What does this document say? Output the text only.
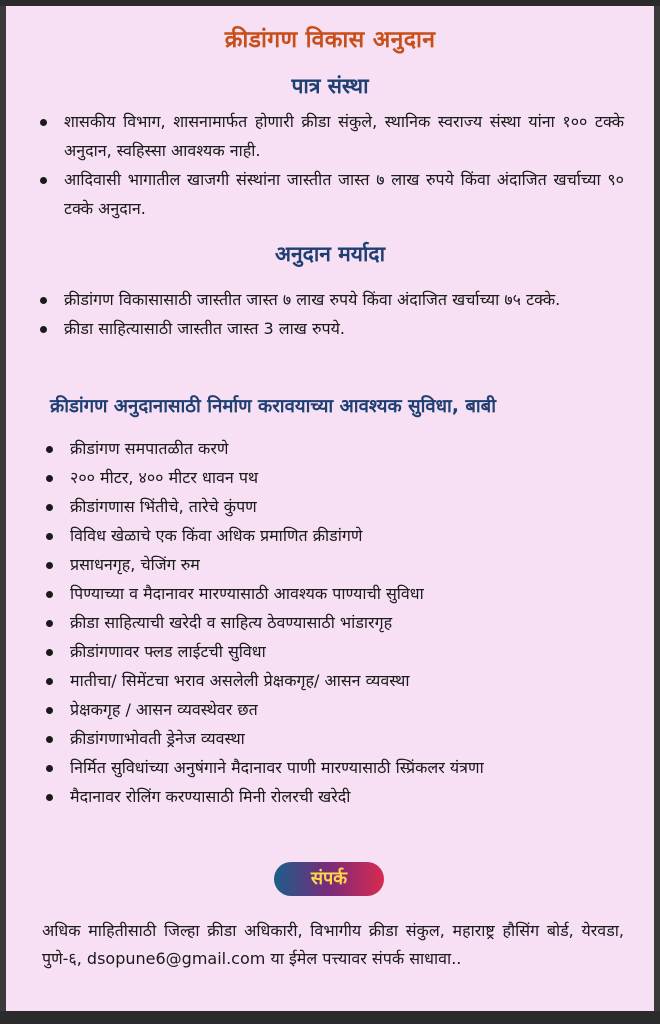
क्रीडांगण विकास अनुदान
पात्र संस्था
शासकीय विभाग, शासनामार्फत होणारी क्रीडा संकुले, स्थानिक स्वराज्य संस्था यांना १०० टक्के अनुदान, स्वहिस्सा आवश्यक नाही.
आदिवासी भागातील खाजगी संस्थांना जास्तीत जास्त ७ लाख रुपये किंवा अंदाजित खर्चाच्या ९० टक्के अनुदान.
अनुदान मर्यादा
क्रीडांगण विकासासाठी जास्तीत जास्त ७ लाख रुपये किंवा अंदाजित खर्चाच्या ७५ टक्के.
क्रीडा साहित्यासाठी जास्तीत जास्त 3 लाख रुपये.
क्रीडांगण अनुदानासाठी निर्माण करावयाच्या आवश्यक सुविधा, बाबी
क्रीडांगण समपातळीत करणे
२०० मीटर, ४०० मीटर धावन पथ
क्रीडांगणास भिंतीचे, तारेचे कुंपण
विविध खेळाचे एक किंवा अधिक प्रमाणित क्रीडांगणे
प्रसाधनगृह, चेजिंग रुम
पिण्याच्या व मैदानावर मारण्यासाठी आवश्यक पाण्याची सुविधा
क्रीडा साहित्याची खरेदी व साहित्य ठेवण्यासाठी भांडारगृह
क्रीडांगणावर फ्लड लाईटची सुविधा
मातीचा/ सिमेंटचा भराव असलेली प्रेक्षकगृह/ आसन व्यवस्था
प्रेक्षकगृह / आसन व्यवस्थेवर छत
क्रीडांगणाभोवती ड्रेनेज व्यवस्था
निर्मित सुविधांच्या अनुषंगाने मैदानावर पाणी मारण्यासाठी स्प्रिंकलर यंत्रणा
मैदानावर रोलिंग करण्यासाठी मिनी रोलरची खरेदी
संपर्क
अधिक माहितीसाठी जिल्हा क्रीडा अधिकारी, विभागीय क्रीडा संकुल, महाराष्ट्र हौसिंग बोर्ड, येरवडा, पुणे-६, dsopune6@gmail.com या ईमेल पत्त्यावर संपर्क साधावा..
